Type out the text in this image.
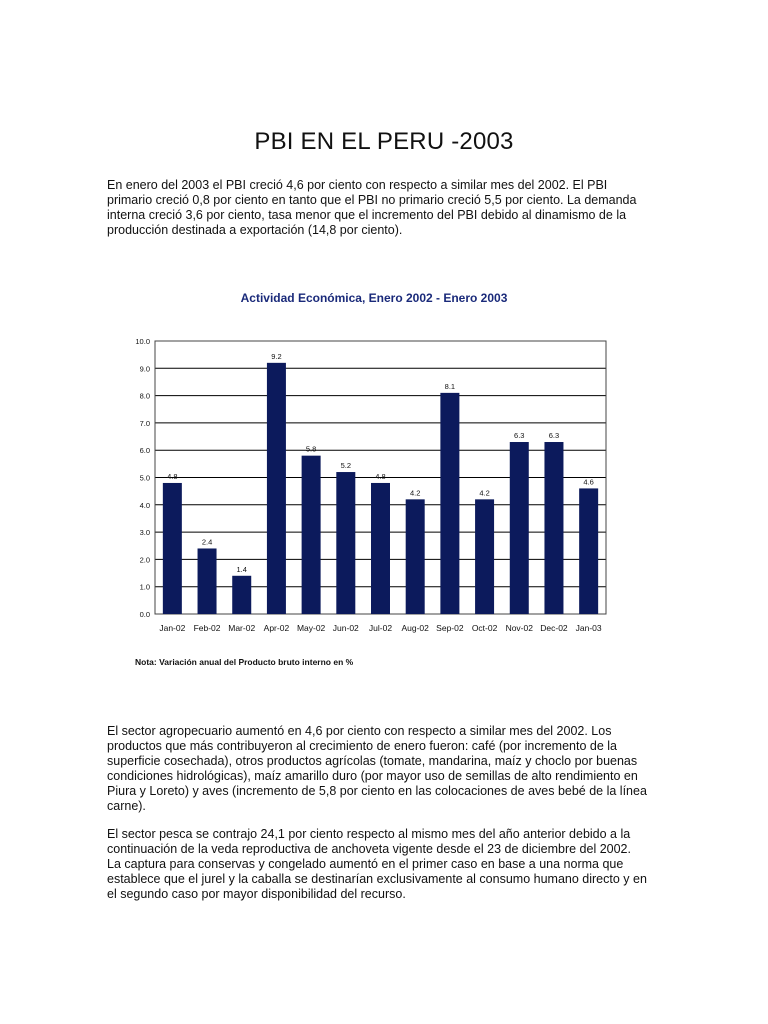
PBI EN EL PERU -2003

En enero del 2003 el PBI creció 4,6 por ciento con respecto a similar mes del 2002. El PBI primario creció 0,8 por ciento en tanto que el PBI no primario creció 5,5 por ciento. La demanda interna creció 3,6 por ciento, tasa menor que el incremento del PBI debido al dinamismo de la producción destinada a exportación (14,8 por ciento).

Actividad Económica, Enero 2002 - Enero 2003

0.0
1.0
2.0
3.0
4.0
5.0
6.0
7.0
8.0
9.0
10.0
4.8
Jan-02
2.4
Feb-02
1.4
Mar-02
9.2
Apr-02
5.8
May-02
5.2
Jun-02
4.8
Jul-02
4.2
Aug-02
8.1
Sep-02
4.2
Oct-02
6.3
Nov-02
6.3
Dec-02
4.6
Jan-03

Nota: Variación anual del Producto bruto interno en %

El sector agropecuario aumentó en 4,6 por ciento con respecto a similar mes del 2002. Los productos que más contribuyeron al crecimiento de enero fueron: café (por incremento de la superficie cosechada), otros productos agrícolas (tomate, mandarina, maíz y choclo por buenas condiciones hidrológicas), maíz amarillo duro (por mayor uso de semillas de alto rendimiento en Piura y Loreto) y aves (incremento de 5,8 por ciento en las colocaciones de aves bebé de la línea carne).

El sector pesca se contrajo 24,1 por ciento respecto al mismo mes del año anterior debido a la continuación de la veda reproductiva de anchoveta vigente desde el 23 de diciembre del 2002. La captura para conservas y congelado aumentó en el primer caso en base a una norma que establece que el jurel y la caballa se destinarían exclusivamente al consumo humano directo y en el segundo caso por mayor disponibilidad del recurso.
